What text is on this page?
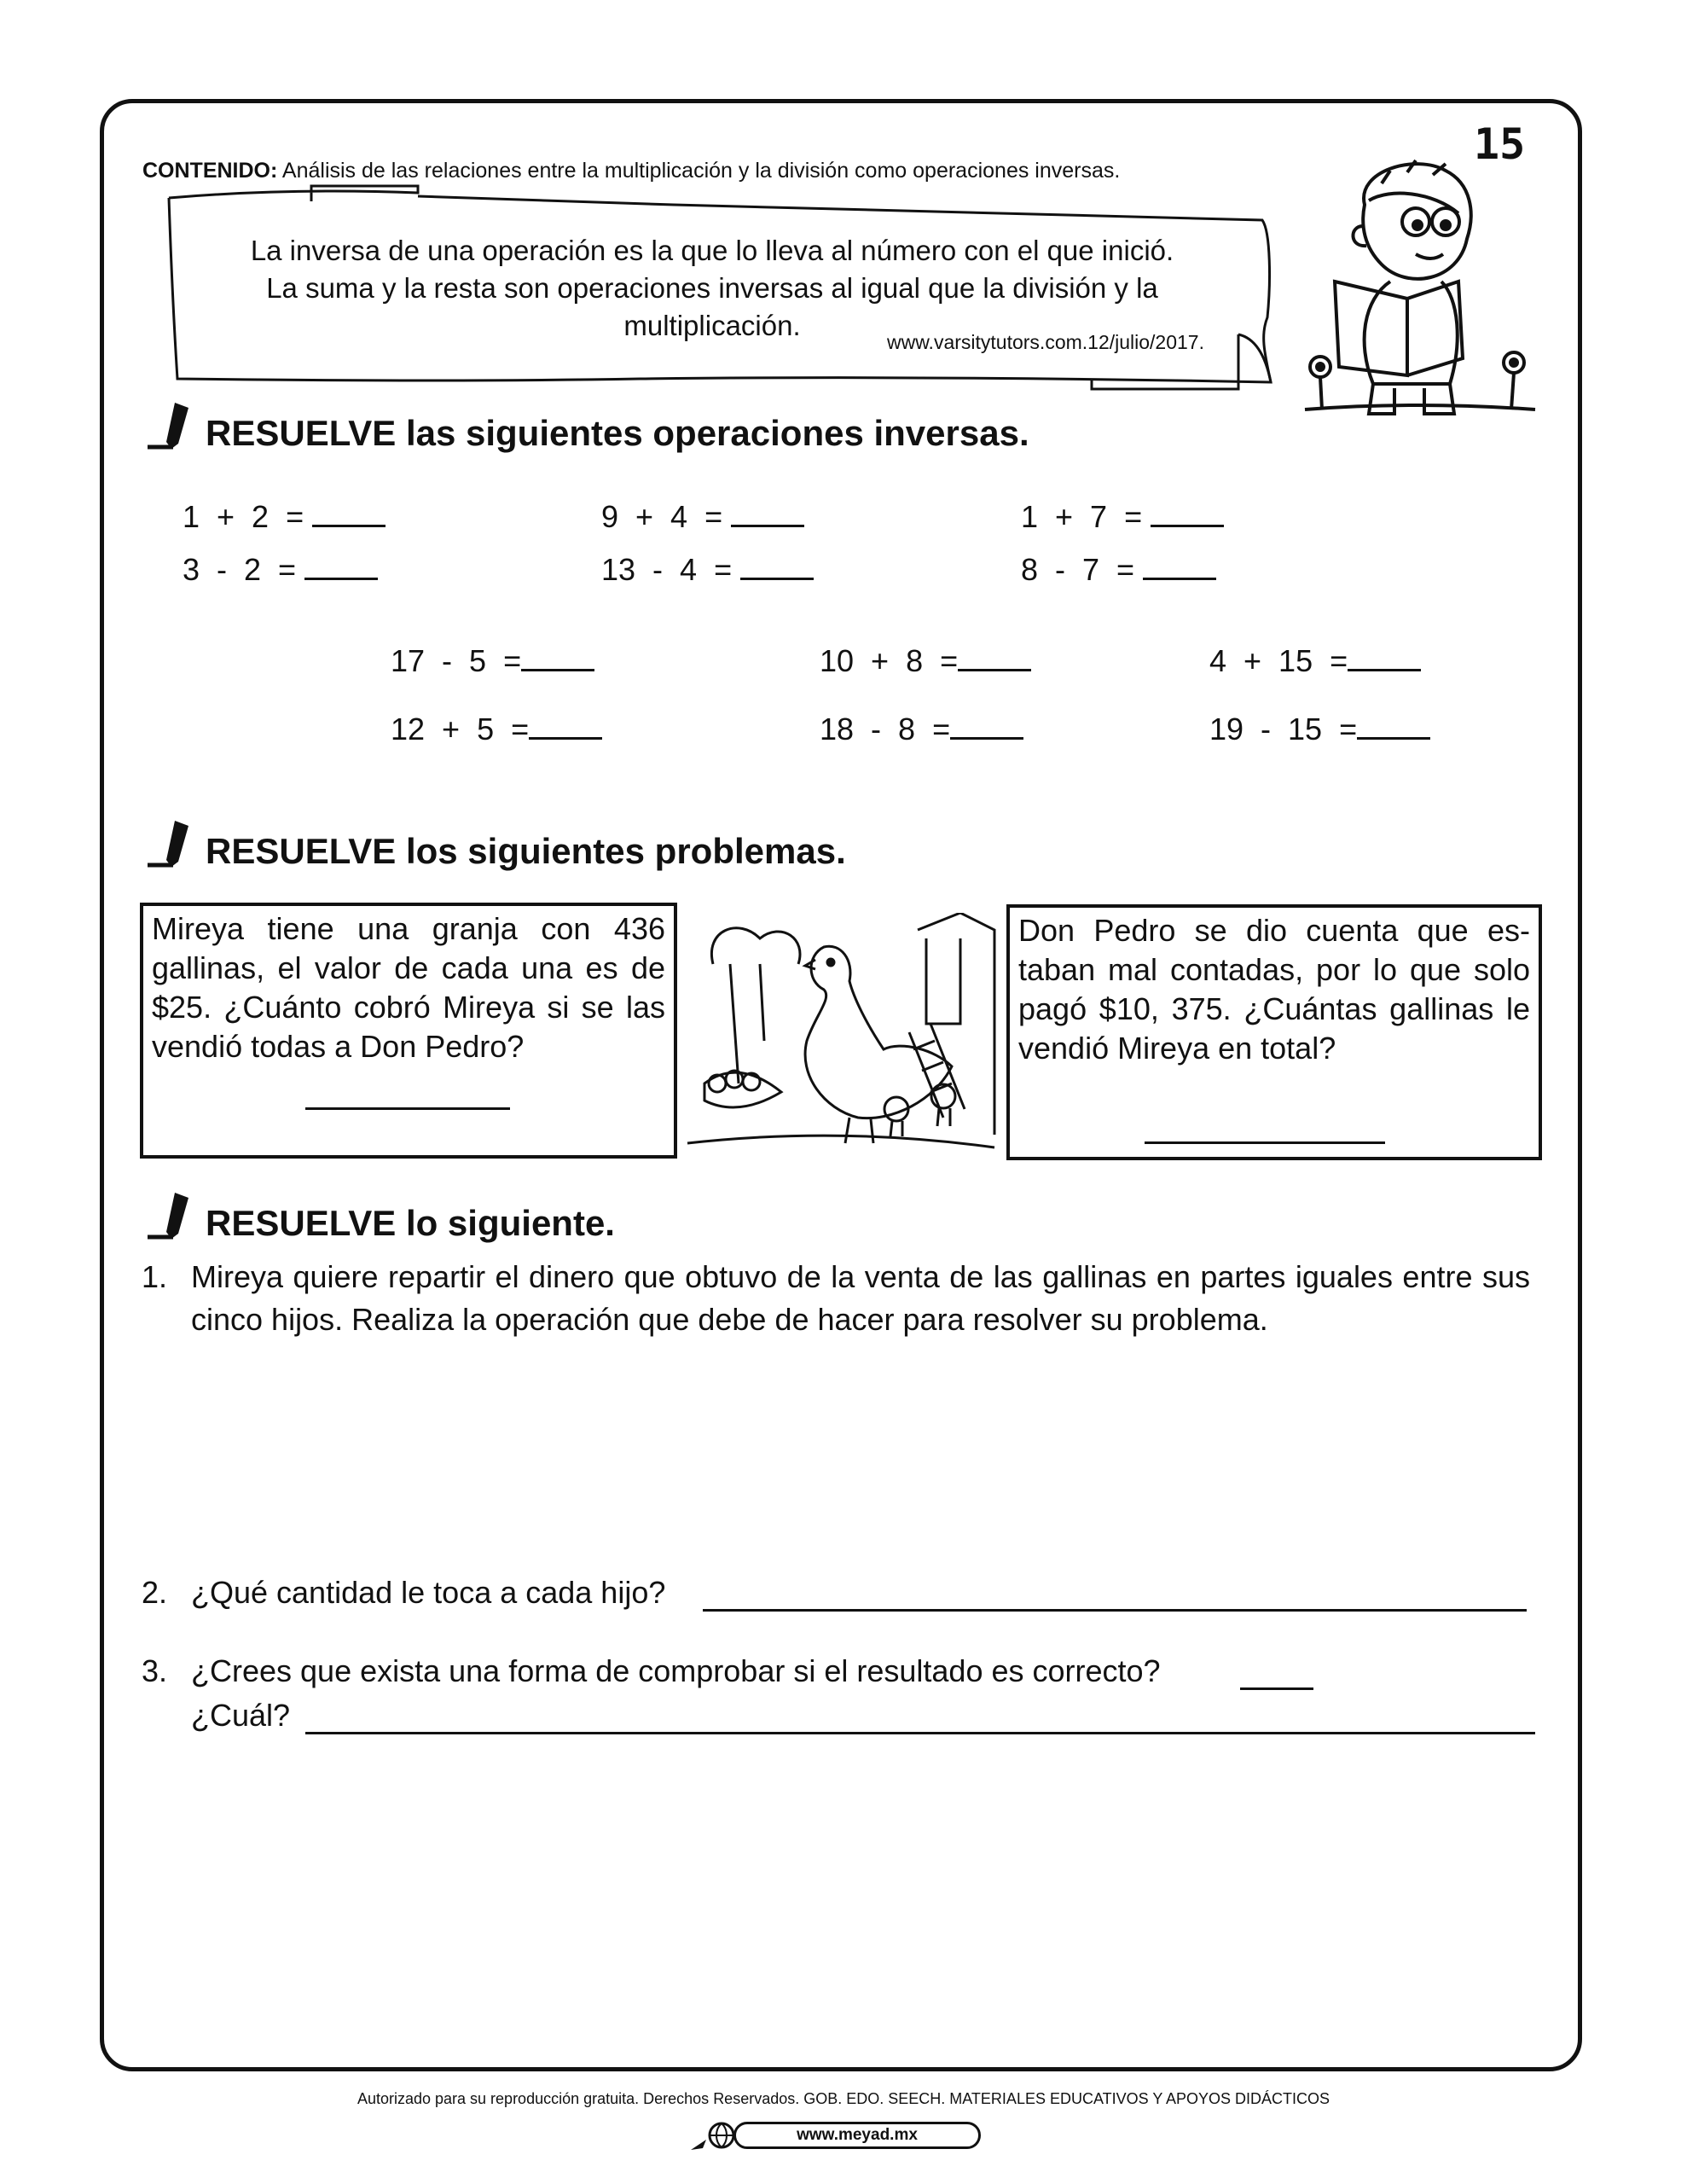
15
CONTENIDO: Análisis de las relaciones entre la multiplicación y la división como operaciones inversas.
La inversa de una operación es la que lo lleva al número con el que inició.
La suma y la resta son operaciones inversas al igual que la división y la
multiplicación.
www.varsitytutors.com.12/julio/2017.
RESUELVE las siguientes operaciones inversas.
1  +  2  =
3  -  2  =
9  +  4  =
13  -  4  =
1  +  7  =
8  -  7  =
17  -  5  =
12  +  5  =
10  +  8  =
18  -  8  =
4  +  15  =
19  -  15  =
RESUELVE los siguientes problemas.
Mireya tiene una granja con 436 gallinas, el valor de cada una es de $25. ¿Cuánto cobró Mireya si se las vendió todas a Don Pedro?
Don Pedro se dio cuenta que estaban mal contadas, por lo que solo pagó $10, 375. ¿Cuántas gallinas le vendió Mireya en total?
RESUELVE lo siguiente.
1. Mireya quiere repartir el dinero que obtuvo de la venta de las gallinas en partes iguales entre sus cinco hijos. Realiza la operación que debe de hacer para resolver su problema.
2. ¿Qué cantidad le toca a cada hijo?
3. ¿Crees que exista una forma de comprobar si el resultado es correcto?
¿Cuál?
Autorizado para su reproducción gratuita. Derechos Reservados. GOB. EDO. SEECH. MATERIALES EDUCATIVOS Y APOYOS DIDÁCTICOS
www.meyad.mx
